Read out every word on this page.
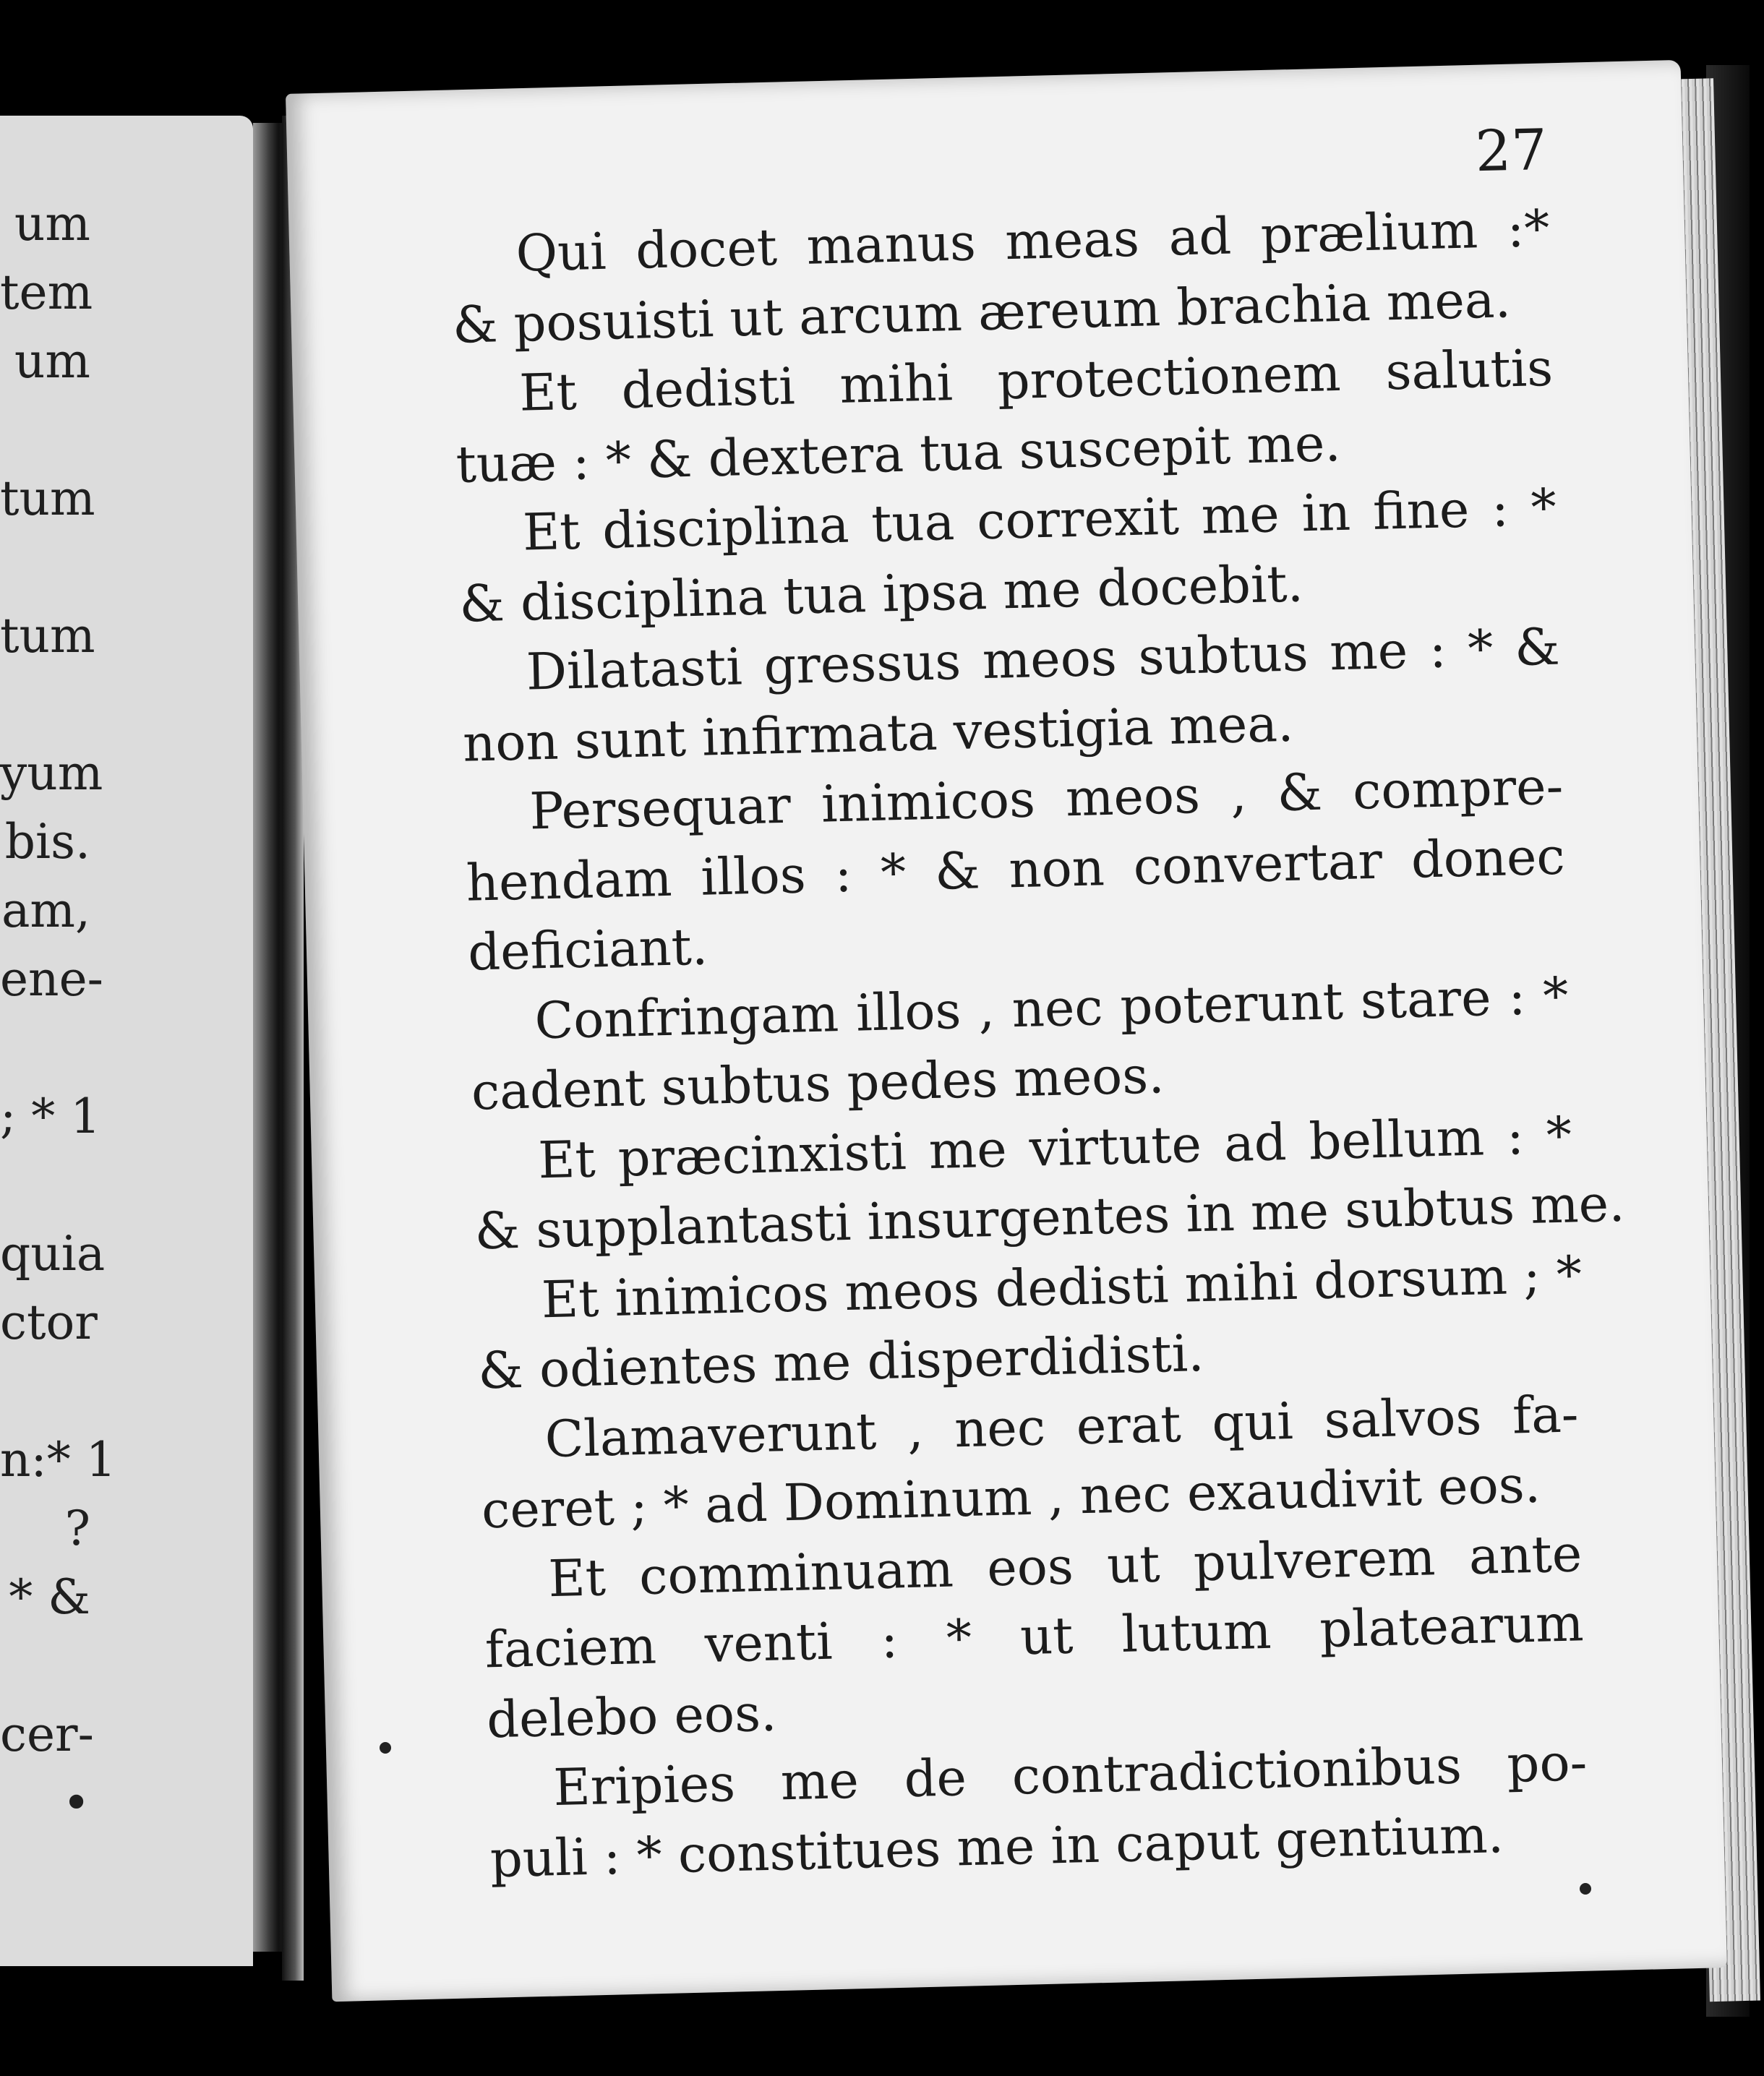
um
tem
um
tum
tum
yum
bis.
am,
ene-
; * 1
quia
ctor
n:* 1
?
* &
cer-
•
27
Qui docet manus meas ad prælium :*
& posuisti ut arcum æreum brachia mea.
Et dedisti mihi protectionem salutis
tuæ : * & dextera tua suscepit me.
Et disciplina tua correxit me in fine : *
& disciplina tua ipsa me docebit.
Dilatasti gressus meos subtus me : * &
non sunt infirmata vestigia mea.
Persequar inimicos meos , & compre-
hendam illos : * & non convertar donec
deficiant.
Confringam illos , nec poterunt stare : *
cadent subtus pedes meos.
Et præcinxisti me virtute ad bellum : *
& supplantasti insurgentes in me subtus me.
Et inimicos meos dedisti mihi dorsum ; *
& odientes me disperdidisti.
Clamaverunt , nec erat qui salvos fa-
ceret ; * ad Dominum , nec exaudivit eos.
Et comminuam eos ut pulverem ante
faciem venti : * ut lutum platearum
delebo eos.
Eripies me de contradictionibus po-
puli : * constitues me in caput gentium.
